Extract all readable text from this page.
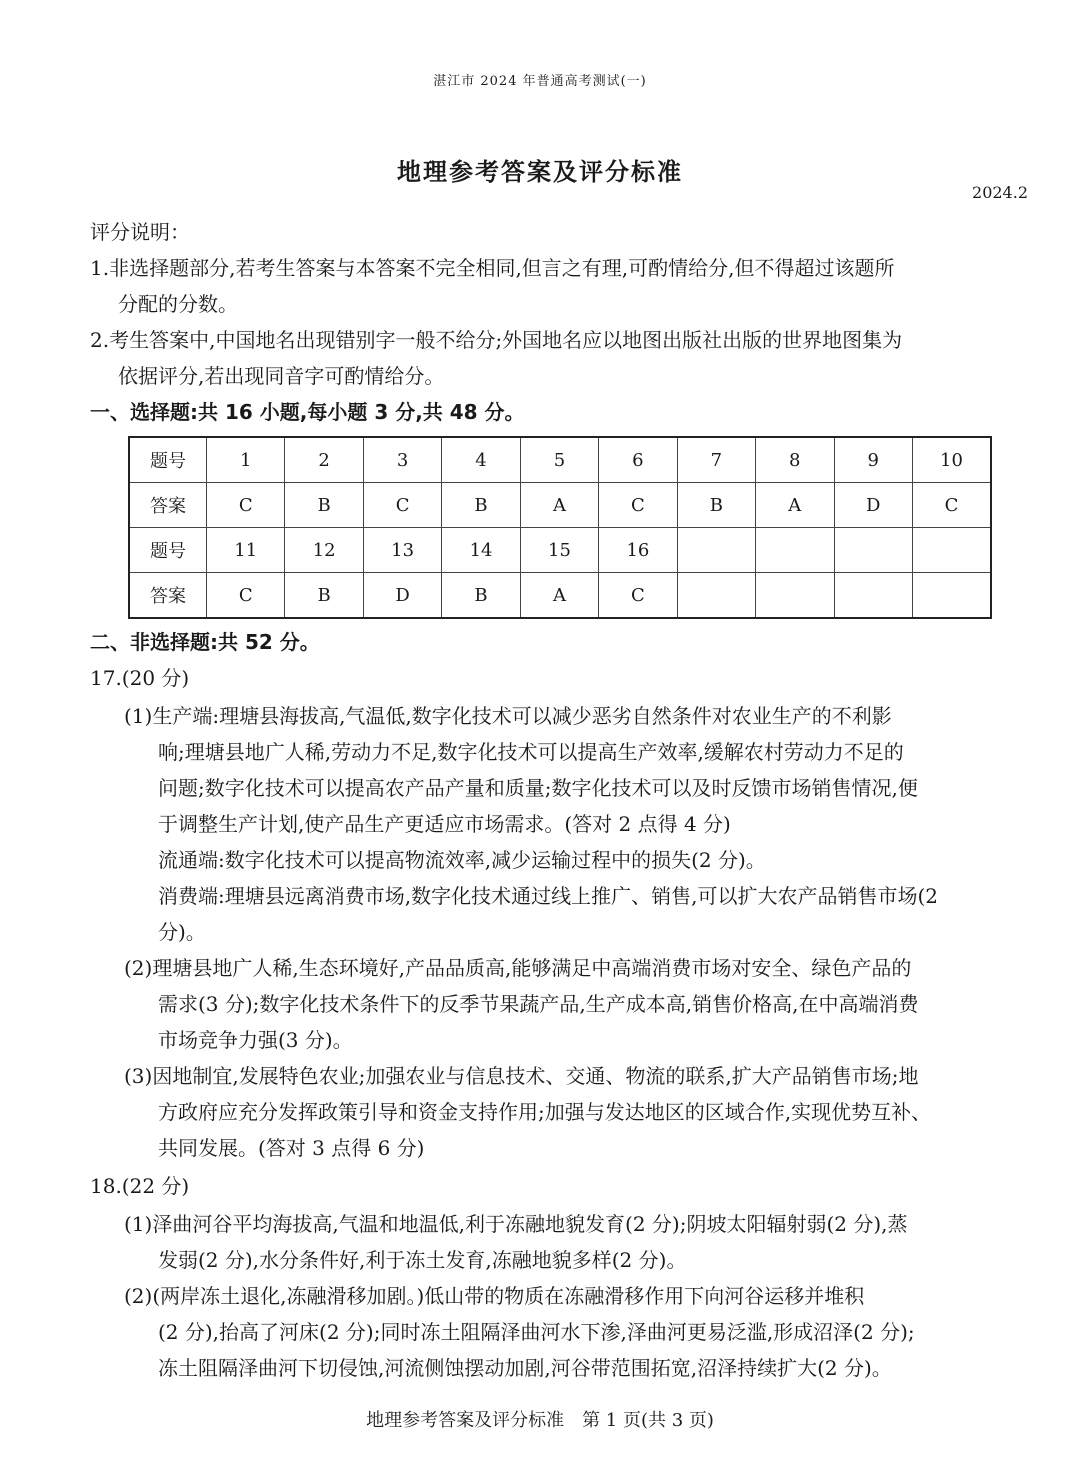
湛江市 2024 年普通高考测试(一)
地理参考答案及评分标准
2024.2
评分说明：
1.非选择题部分,若考生答案与本答案不完全相同,但言之有理,可酌情给分,但不得超过该题所
分配的分数。
2.考生答案中,中国地名出现错别字一般不给分;外国地名应以地图出版社出版的世界地图集为
依据评分,若出现同音字可酌情给分。
一、选择题:共 16 小题,每小题 3 分,共 48 分。
题号	1	2	3	4	5	6	7	8	9	10
答案	C	B	C	B	A	C	B	A	D	C
题号	11	12	13	14	15	16				
答案	C	B	D	B	A	C				
二、非选择题:共 52 分。
17.(20 分)
(1)生产端:理塘县海拔高,气温低,数字化技术可以减少恶劣自然条件对农业生产的不利影
响;理塘县地广人稀,劳动力不足,数字化技术可以提高生产效率,缓解农村劳动力不足的
问题;数字化技术可以提高农产品产量和质量;数字化技术可以及时反馈市场销售情况,便
于调整生产计划,使产品生产更适应市场需求。(答对 2 点得 4 分)
流通端:数字化技术可以提高物流效率,减少运输过程中的损失(2 分)。
消费端:理塘县远离消费市场,数字化技术通过线上推广、销售,可以扩大农产品销售市场(2
分)。
(2)理塘县地广人稀,生态环境好,产品品质高,能够满足中高端消费市场对安全、绿色产品的
需求(3 分);数字化技术条件下的反季节果蔬产品,生产成本高,销售价格高,在中高端消费
市场竞争力强(3 分)。
(3)因地制宜,发展特色农业;加强农业与信息技术、交通、物流的联系,扩大产品销售市场;地
方政府应充分发挥政策引导和资金支持作用;加强与发达地区的区域合作,实现优势互补、
共同发展。(答对 3 点得 6 分)
18.(22 分)
(1)泽曲河谷平均海拔高,气温和地温低,利于冻融地貌发育(2 分);阴坡太阳辐射弱(2 分),蒸
发弱(2 分),水分条件好,利于冻土发育,冻融地貌多样(2 分)。
(2)(两岸冻土退化,冻融滑移加剧。)低山带的物质在冻融滑移作用下向河谷运移并堆积
(2 分),抬高了河床(2 分);同时冻土阻隔泽曲河水下渗,泽曲河更易泛滥,形成沼泽(2 分);
冻土阻隔泽曲河下切侵蚀,河流侧蚀摆动加剧,河谷带范围拓宽,沼泽持续扩大(2 分)。
地理参考答案及评分标准　第 1 页(共 3 页)
